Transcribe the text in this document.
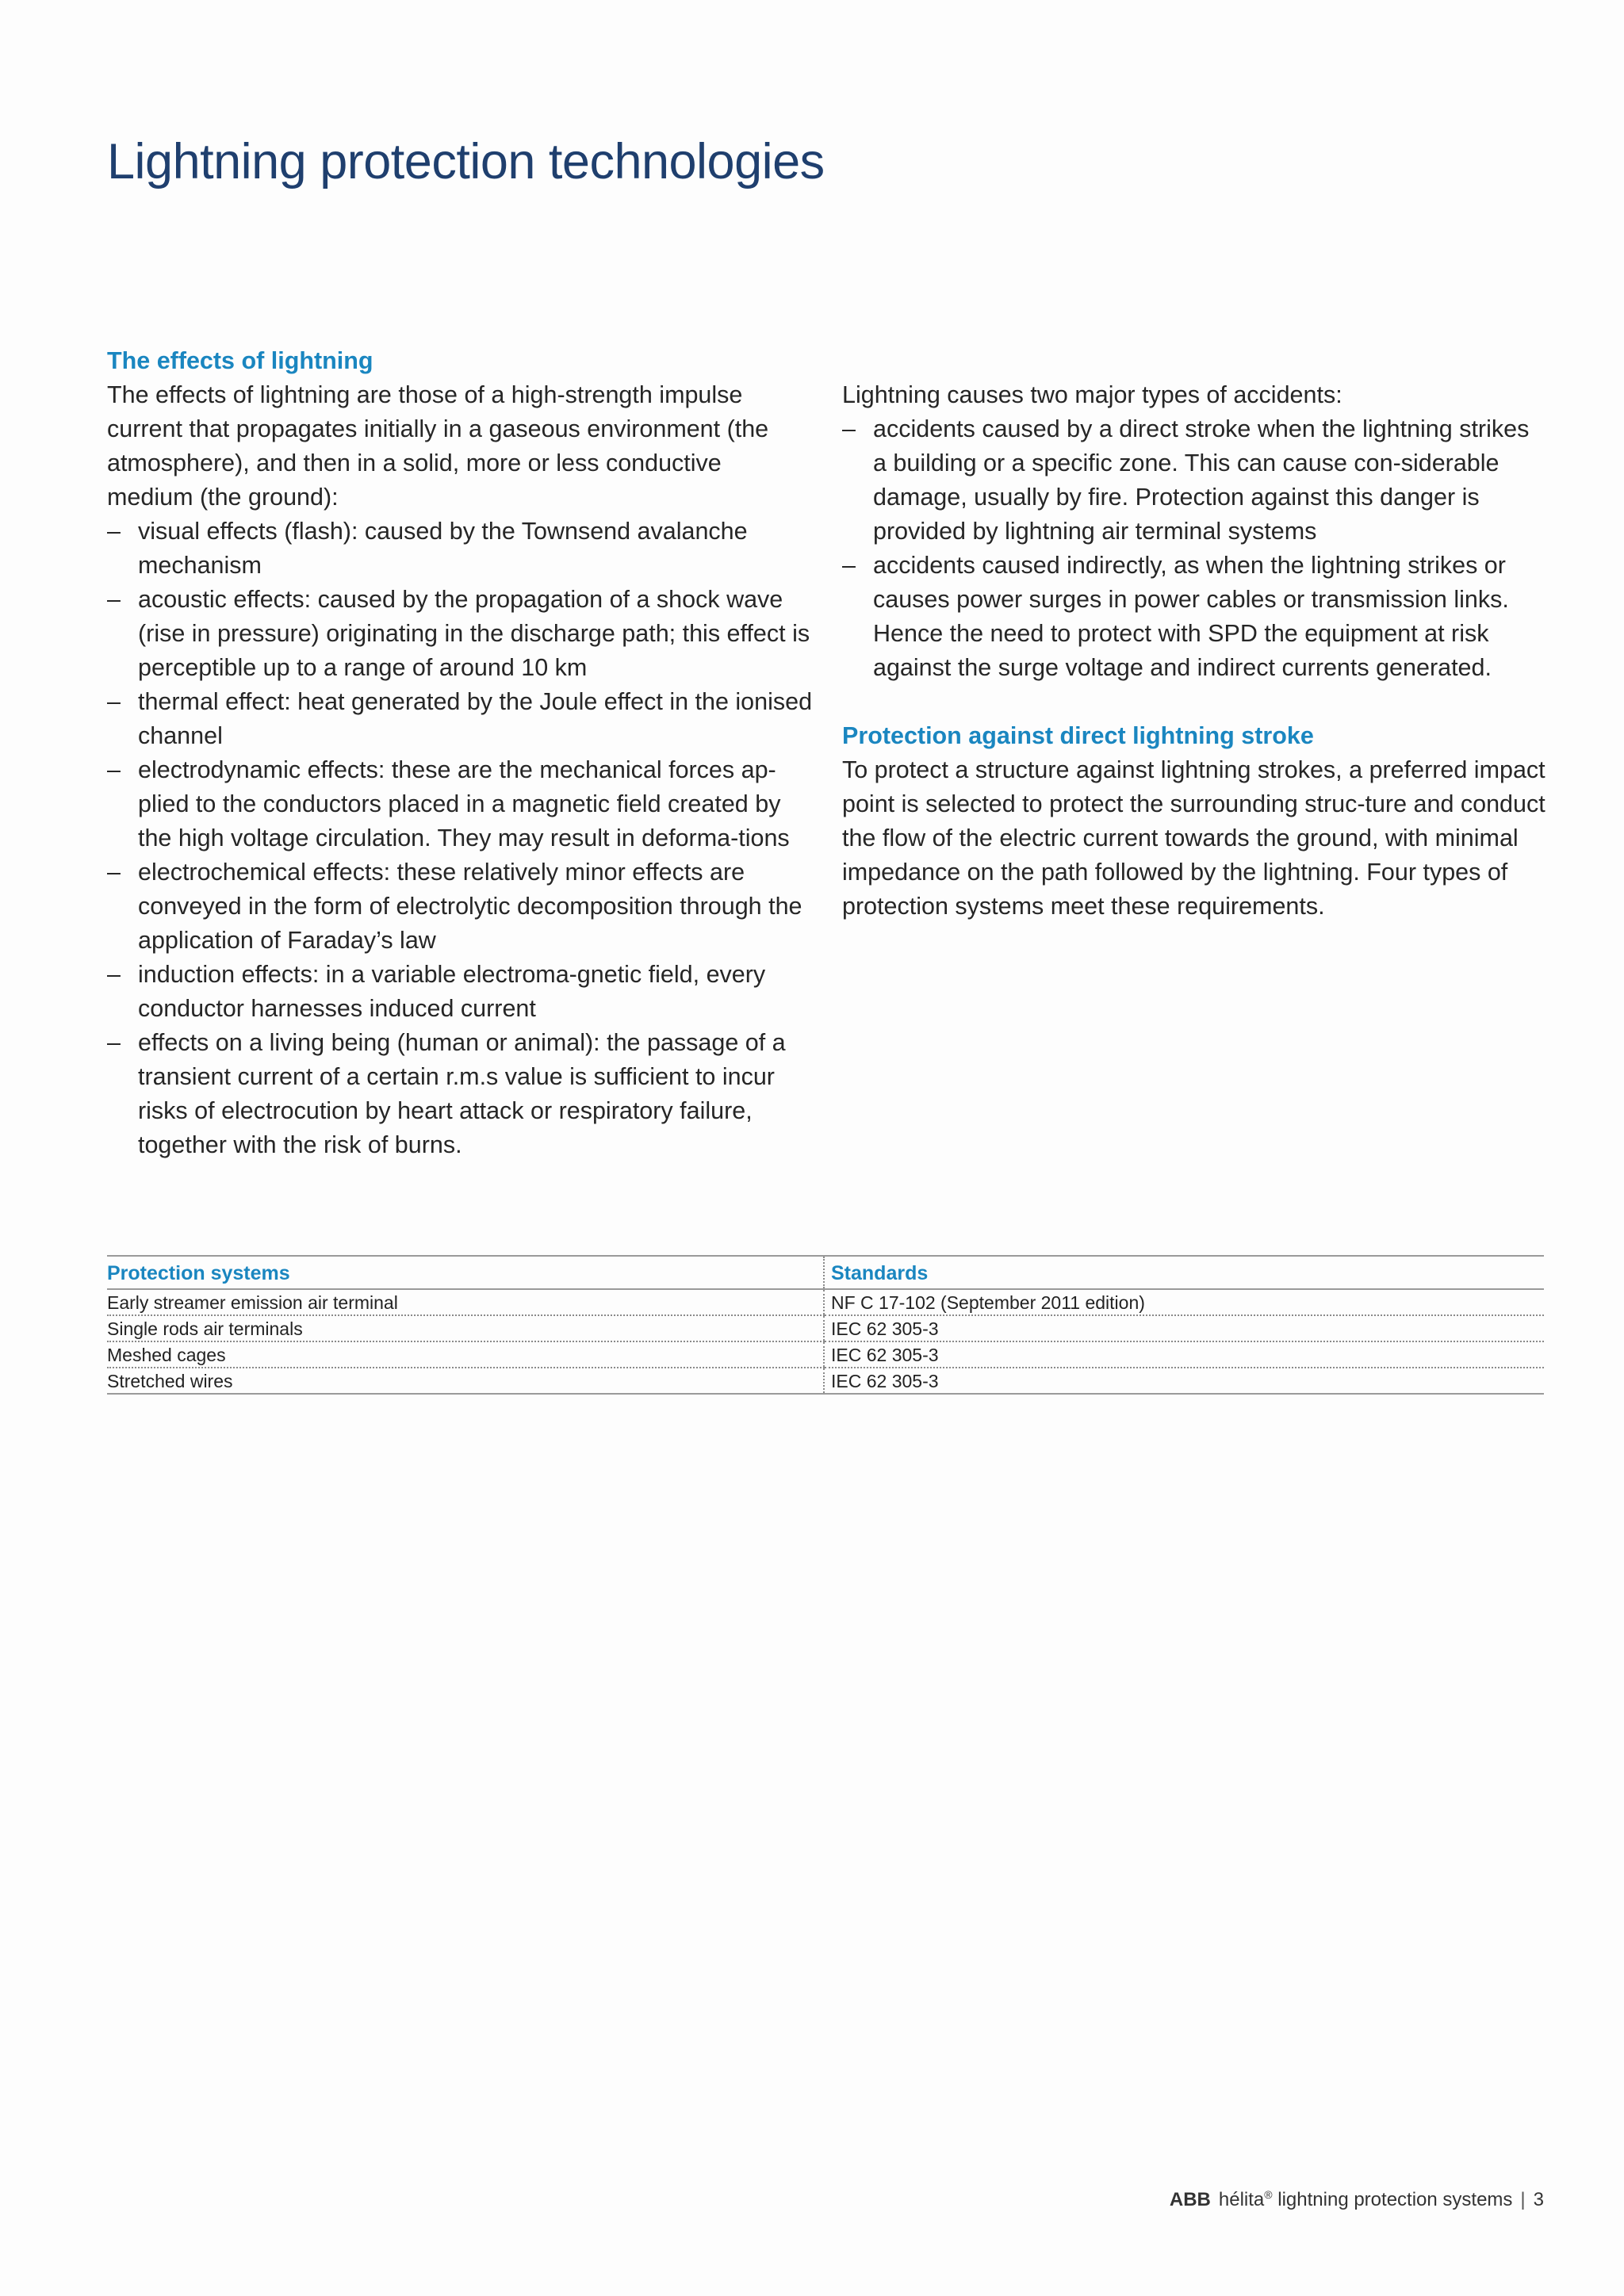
Lightning protection technologies
The effects of lightning

The effects of lightning are those of a high-strength impulse current that propagates initially in a gaseous environment (the atmosphere), and then in a solid, more or less conductive medium (the ground):

– visual effects (flash): caused by the Townsend avalanche mechanism
– acoustic effects: caused by the propagation of a shock wave (rise in pressure) originating in the discharge path; this effect is perceptible up to a range of around 10 km
– thermal effect: heat generated by the Joule effect in the ionised channel
– electrodynamic effects: these are the mechanical forces ap-plied to the conductors placed in a magnetic field created by the high voltage circulation. They may result in deforma-tions
– electrochemical effects: these relatively minor effects are conveyed in the form of electrolytic decomposition through the application of Faraday’s law
– induction effects: in a variable electroma-gnetic field, every conductor harnesses induced current
– effects on a living being (human or animal): the passage of a transient current of a certain r.m.s value is sufficient to incur risks of electrocution by heart attack or respiratory failure, together with the risk of burns.

Lightning causes two major types of accidents:

– accidents caused by a direct stroke when the lightning strikes a building or a specific zone. This can cause con-siderable damage, usually by fire. Protection against this danger is provided by lightning air terminal systems
– accidents caused indirectly, as when the lightning strikes or causes power surges in power cables or transmission links. Hence the need to protect with SPD the equipment at risk against the surge voltage and indirect currents generated.
Protection against direct lightning stroke

To protect a structure against lightning strokes, a preferred impact point is selected to protect the surrounding struc-ture and conduct the flow of the electric current towards the ground, with minimal impedance on the path followed by the lightning. Four types of protection systems meet these requirements.

Protection systems	Standards
Early streamer emission air terminal	NF C 17-102 (September 2011 edition)
Single rods air terminals	IEC 62 305-3
Meshed cages	IEC 62 305-3
Stretched wires	IEC 62 305-3
ABB hélita® lightning protection systems | 3
